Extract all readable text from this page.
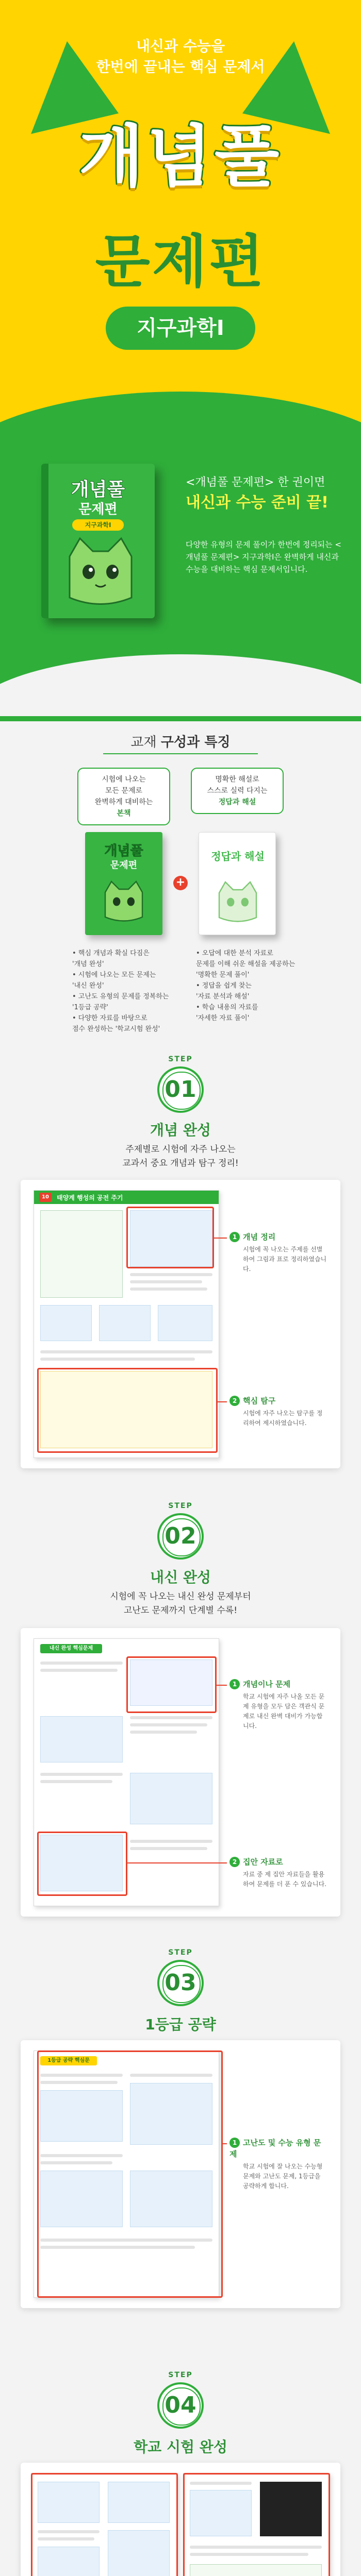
내신과 수능을
한번에 끝내는 핵심 문제서
개념풀
문제편
지구과학Ⅰ
개념풀
문제편
지구과학Ⅰ
<개념풀 문제편> 한 권이면
내신과 수능 준비 끝!
다양한 유형의 문제 풀이가 한번에 정리되는 <개념풀 문제편> 지구과학Ⅰ은 완벽하게 내신과 수능을 대비하는 핵심 문제서입니다.
교재 구성과 특징
시험에 나오는
모든 문제로
완벽하게 대비하는
본책
명확한 해설로
스스로 실력 다지는
정답과 해설
개념풀
문제편
+
정답과 해설
• 핵심 개념과 확실 다짐은
'개념 완성'
• 시험에 나오는 모든 문제는
'내신 완성'
• 고난도 유형의 문제를 정복하는
'1등급 공략'
• 다양한 자료를 바탕으로
점수 완성하는 '학교시험 완성'
• 오답에 대한 분석 자료로
문제를 이해 쉬운 해설을 제공하는
'명확한 문제 풀이'
• 정답을 쉽게 찾는
'자료 분석과 해설'
• 학습 내용의 자료를
'자세한 자료 풀이'
STEP
01
개념 완성
주제별로 시험에 자주 나오는
교과서 중요 개념과 탐구 정리!
10	태양계 행성의 공전 주기
1 개념 정리
시험에 꼭 나오는 주제를 선별하여 그림과 표로 정리하였습니다.
2 핵심 탐구
시험에 자주 나오는 탐구를 정리하여 제시하였습니다.
STEP
02
내신 완성
시험에 꼭 나오는 내신 완성 문제부터
고난도 문제까지 단계별 수록!
내신 완성 핵심문제
1 개념이나 문제
학교 시험에 자주 나올 모든 문제 유형을 모두 담은 객관식 문제로 내신 완벽 대비가 가능합니다.
2 집안 자료로
자료 중 제 집안 자료들을 활용하여 문제를 더 푼 수 있습니다.
STEP
03
1등급 공략
1등급 공략 핵심문
1 고난도 및 수능 유형 문제
학교 시험에 잘 나오는 수능형 문제와 고난도 문제, 1등급을 공략하게 합니다.
STEP
04
학교 시험 완성
